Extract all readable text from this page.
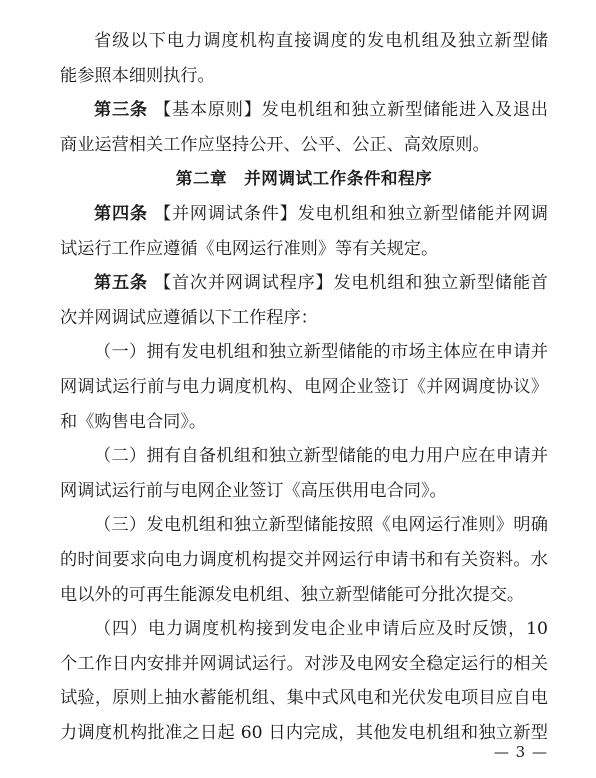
省级以下电力调度机构直接调度的发电机组及独立新型储
能参照本细则执行。
第三条 【基本原则】发电机组和独立新型储能进入及退出
商业运营相关工作应坚持公开、公平、公正、高效原则。
第二章　并网调试工作条件和程序
第四条 【并网调试条件】发电机组和独立新型储能并网调
试运行工作应遵循《电网运行准则》等有关规定。
第五条 【首次并网调试程序】发电机组和独立新型储能首
次并网调试应遵循以下工作程序：
（一）拥有发电机组和独立新型储能的市场主体应在申请并
网调试运行前与电力调度机构、电网企业签订《并网调度协议》
和《购售电合同》。
（二）拥有自备机组和独立新型储能的电力用户应在申请并
网调试运行前与电网企业签订《高压供用电合同》。
（三）发电机组和独立新型储能按照《电网运行准则》明确
的时间要求向电力调度机构提交并网运行申请书和有关资料。水
电以外的可再生能源发电机组、独立新型储能可分批次提交。
（四）电力调度机构接到发电企业申请后应及时反馈，10
个工作日内安排并网调试运行。对涉及电网安全稳定运行的相关
试验，原则上抽水蓄能机组、集中式风电和光伏发电项目应自电
力调度机构批准之日起 60 日内完成，其他发电机组和独立新型
— 3 —
